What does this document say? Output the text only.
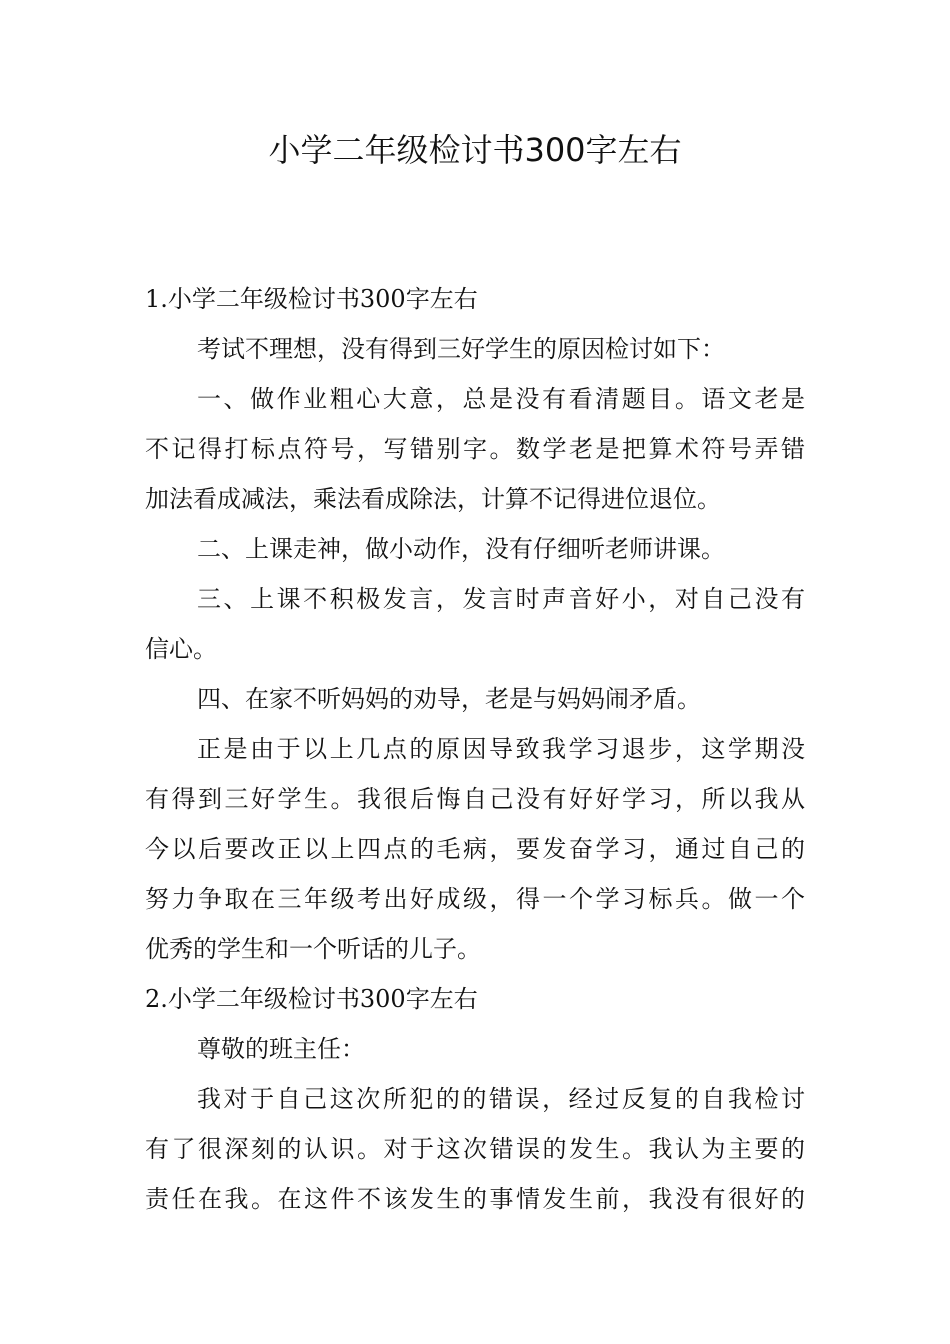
小学二年级检讨书300字左右

1.小学二年级检讨书300字左右

考试不理想，没有得到三好学生的原因检讨如下：

一、做作业粗心大意，总是没有看清题目。语文老是

不记得打标点符号，写错别字。数学老是把算术符号弄错

加法看成减法，乘法看成除法，计算不记得进位退位。

二、上课走神，做小动作，没有仔细听老师讲课。

三、上课不积极发言，发言时声音好小，对自己没有

信心。

四、在家不听妈妈的劝导，老是与妈妈闹矛盾。

正是由于以上几点的原因导致我学习退步，这学期没

有得到三好学生。我很后悔自己没有好好学习，所以我从

今以后要改正以上四点的毛病，要发奋学习，通过自己的

努力争取在三年级考出好成级，得一个学习标兵。做一个

优秀的学生和一个听话的儿子。

2.小学二年级检讨书300字左右

尊敬的班主任：

我对于自己这次所犯的的错误，经过反复的自我检讨

有了很深刻的认识。对于这次错误的发生。我认为主要的

责任在我。在这件不该发生的事情发生前，我没有很好的
